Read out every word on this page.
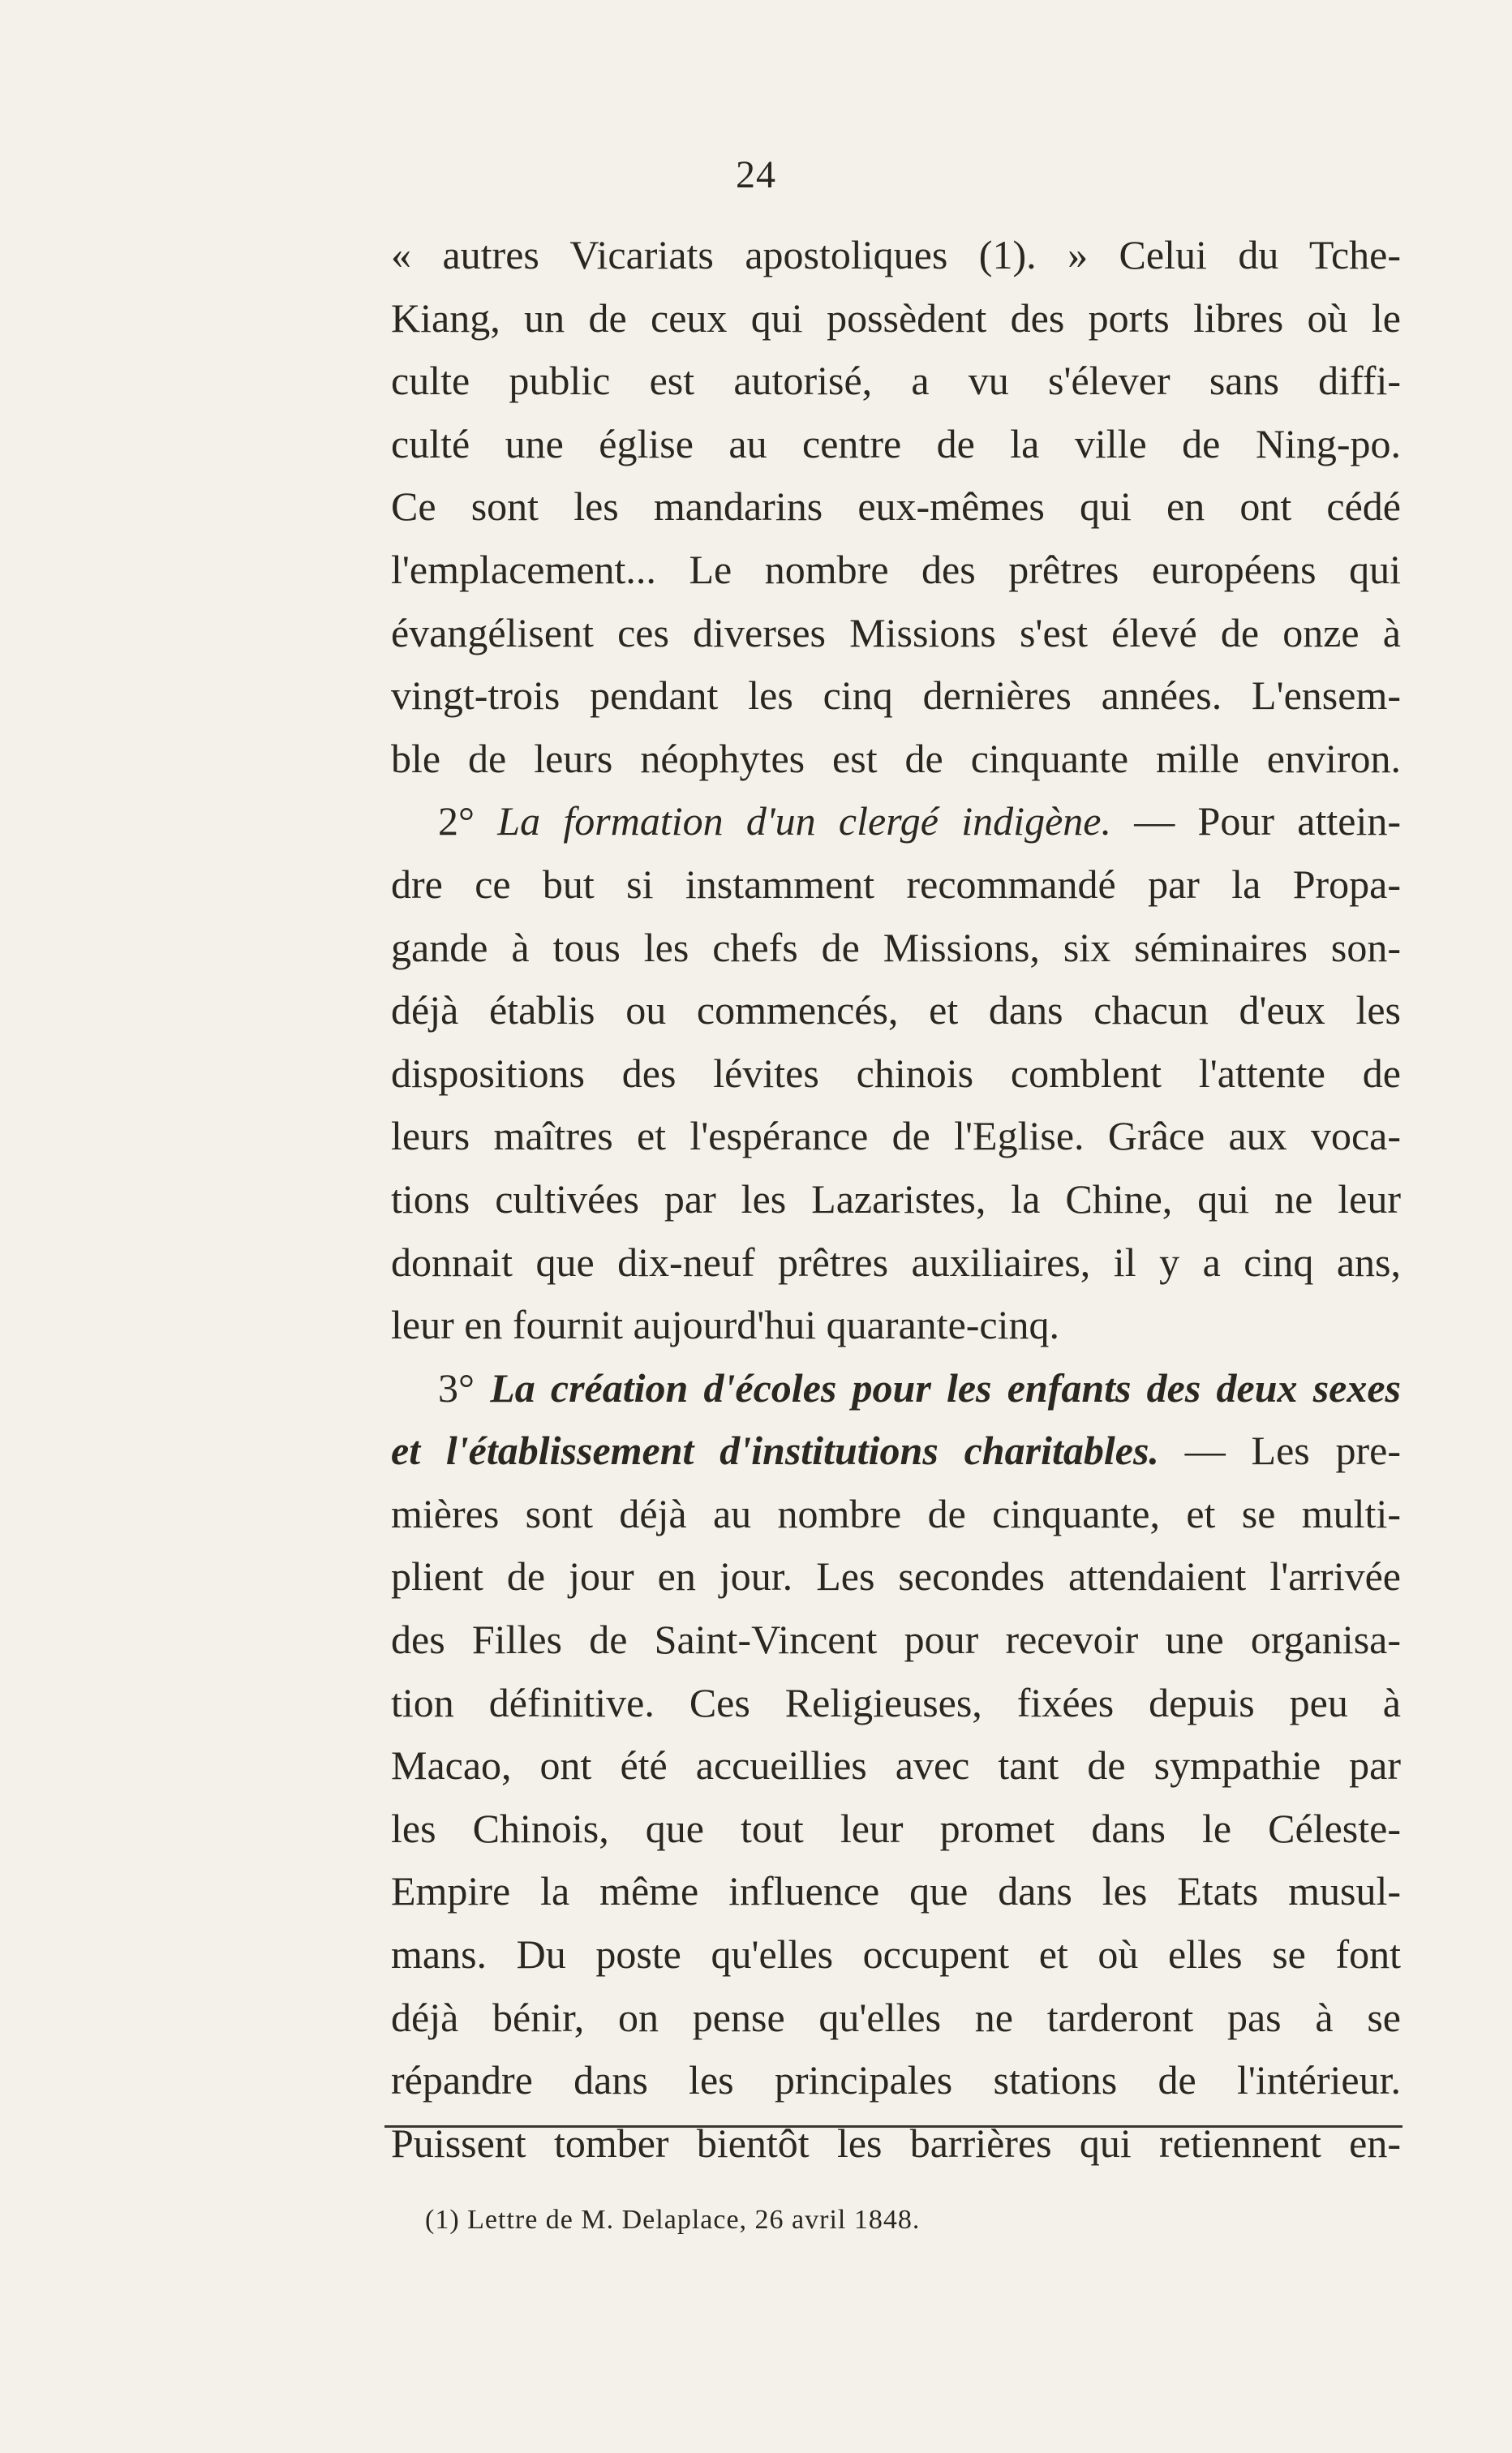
24
« autres Vicariats apostoliques (1). » Celui du Tche-
Kiang, un de ceux qui possèdent des ports libres où le
culte public est autorisé, a vu s'élever sans diffi-
culté une église au centre de la ville de Ning-po.
Ce sont les mandarins eux-mêmes qui en ont cédé
l'emplacement... Le nombre des prêtres européens qui
évangélisent ces diverses Missions s'est élevé de onze à
vingt-trois pendant les cinq dernières années. L'ensem-
ble de leurs néophytes est de cinquante mille environ.
2° La formation d'un clergé indigène. — Pour attein-
dre ce but si instamment recommandé par la Propa-
gande à tous les chefs de Missions, six séminaires son-
déjà établis ou commencés, et dans chacun d'eux les
dispositions des lévites chinois comblent l'attente de
leurs maîtres et l'espérance de l'Eglise. Grâce aux voca-
tions cultivées par les Lazaristes, la Chine, qui ne leur
donnait que dix-neuf prêtres auxiliaires, il y a cinq ans,
leur en fournit aujourd'hui quarante-cinq.
3° La création d'écoles pour les enfants des deux sexes
et l'établissement d'institutions charitables. — Les pre-
mières sont déjà au nombre de cinquante, et se multi-
plient de jour en jour. Les secondes attendaient l'arrivée
des Filles de Saint-Vincent pour recevoir une organisa-
tion définitive. Ces Religieuses, fixées depuis peu à
Macao, ont été accueillies avec tant de sympathie par
les Chinois, que tout leur promet dans le Céleste-
Empire la même influence que dans les Etats musul-
mans. Du poste qu'elles occupent et où elles se font
déjà bénir, on pense qu'elles ne tarderont pas à se
répandre dans les principales stations de l'intérieur.
Puissent tomber bientôt les barrières qui retiennent en-
(1) Lettre de M. Delaplace, 26 avril 1848.
